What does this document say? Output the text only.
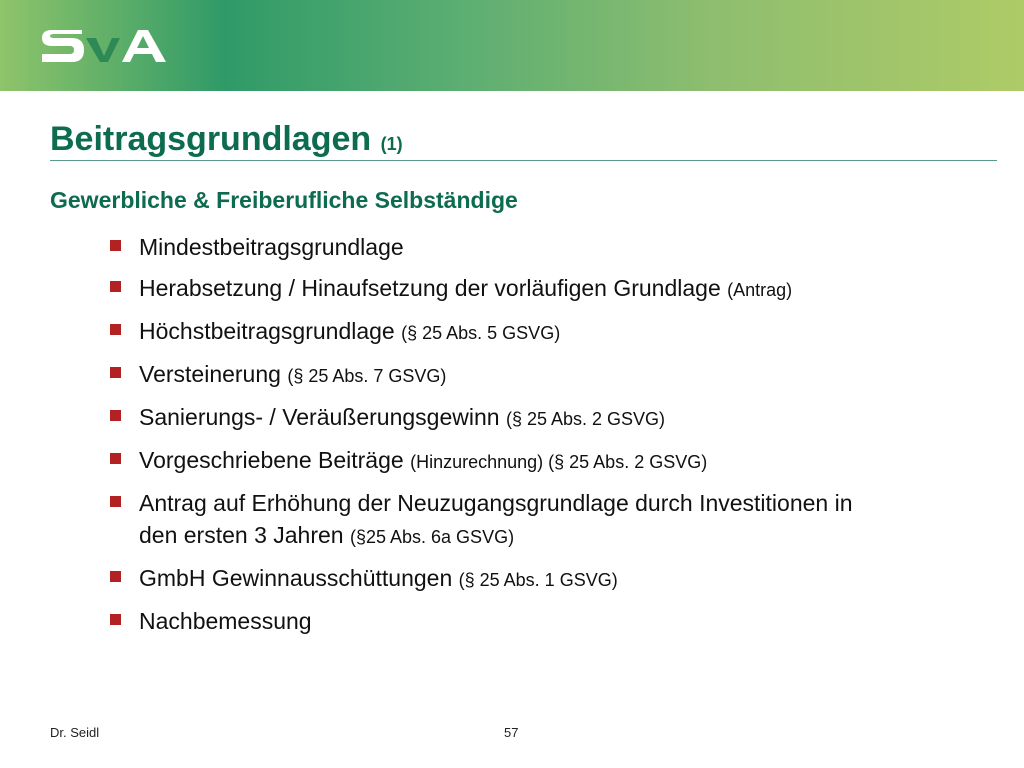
Beitragsgrundlagen (1)
Gewerbliche & Freiberufliche Selbständige
Mindestbeitragsgrundlage
Herabsetzung / Hinaufsetzung der vorläufigen Grundlage (Antrag)
Höchstbeitragsgrundlage (§ 25 Abs. 5 GSVG)
Versteinerung (§ 25 Abs. 7 GSVG)
Sanierungs- / Veräußerungsgewinn (§ 25 Abs. 2 GSVG)
Vorgeschriebene Beiträge (Hinzurechnung) (§ 25 Abs. 2 GSVG)
Antrag auf Erhöhung der Neuzugangsgrundlage durch Investitionen in den ersten 3 Jahren (§25 Abs. 6a GSVG)
GmbH Gewinnausschüttungen (§ 25 Abs. 1 GSVG)
Nachbemessung
Dr. Seidl	57
